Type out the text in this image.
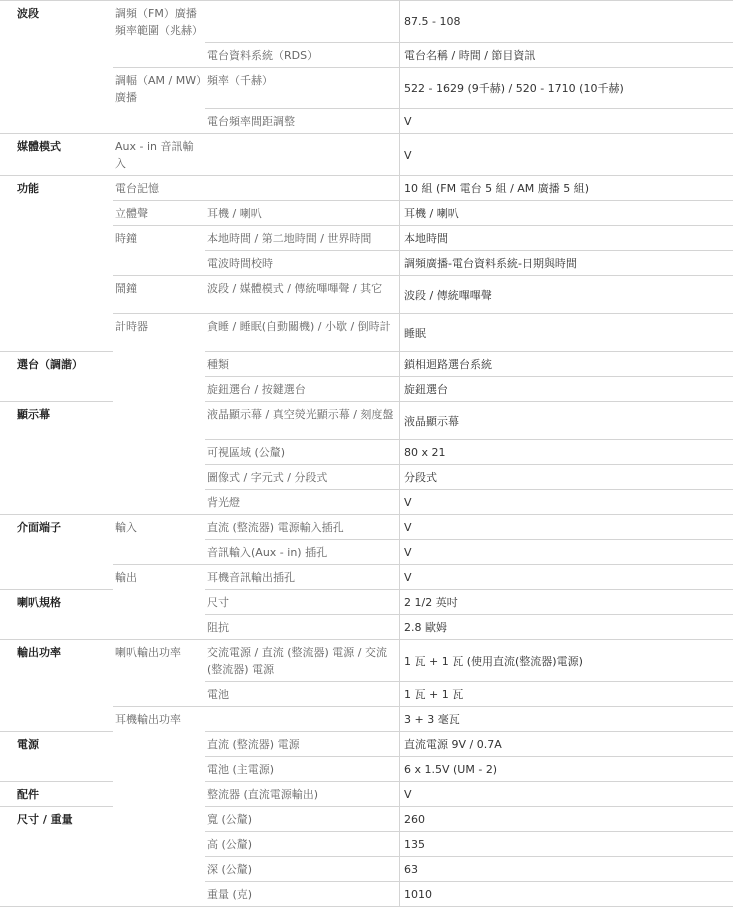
波段	調頻（FM）廣播頻率範圍（兆赫）		87.5 - 108
		電台資料系統（RDS）	電台名稱 / 時間 / 節目資訊
	調幅（AM / MW）廣播	頻率（千赫）	522 - 1629 (9千赫) / 520 - 1710 (10千赫)
		電台頻率間距調整	V
媒體模式	Aux - in 音訊輸入		V
功能	電台記憶		10 組 (FM 電台 5 組 / AM 廣播 5 組)
	立體聲	耳機 / 喇叭	耳機 / 喇叭
	時鐘	本地時間 / 第二地時間 / 世界時間	本地時間
		電波時間校時	調頻廣播-電台資料系統-日期與時間
	鬧鐘	波段 / 媒體模式 / 傳統嗶嗶聲 / 其它	波段 / 傳統嗶嗶聲
	計時器	貪睡 / 睡眠(自動關機) / 小歇 / 倒時計	睡眠
選台（調諧）		種類	鎖相迴路選台系統
		旋鈕選台 / 按鍵選台	旋鈕選台
顯示幕		液晶顯示幕 / 真空熒光顯示幕 / 刻度盤	液晶顯示幕
		可視區域 (公釐)	80 x 21
		圖像式 / 字元式 / 分段式	分段式
		背光燈	V
介面端子	輸入	直流 (整流器) 電源輸入插孔	V
		音訊輸入(Aux - in) 插孔	V
	輸出	耳機音訊輸出插孔	V
喇叭規格		尺寸	2 1/2 英吋
		阻抗	2.8 歐姆
輸出功率	喇叭輸出功率	交流電源 / 直流 (整流器) 電源 / 交流 (整流器) 電源	1 瓦 + 1 瓦 (使用直流(整流器)電源)
		電池	1 瓦 + 1 瓦
	耳機輸出功率		3 + 3 毫瓦
電源		直流 (整流器) 電源	直流電源 9V / 0.7A
		電池 (主電源)	6 x 1.5V (UM - 2)
配件		整流器 (直流電源輸出)	V
尺寸 / 重量		寬 (公釐)	260
		高 (公釐)	135
		深 (公釐)	63
		重量 (克)	1010
